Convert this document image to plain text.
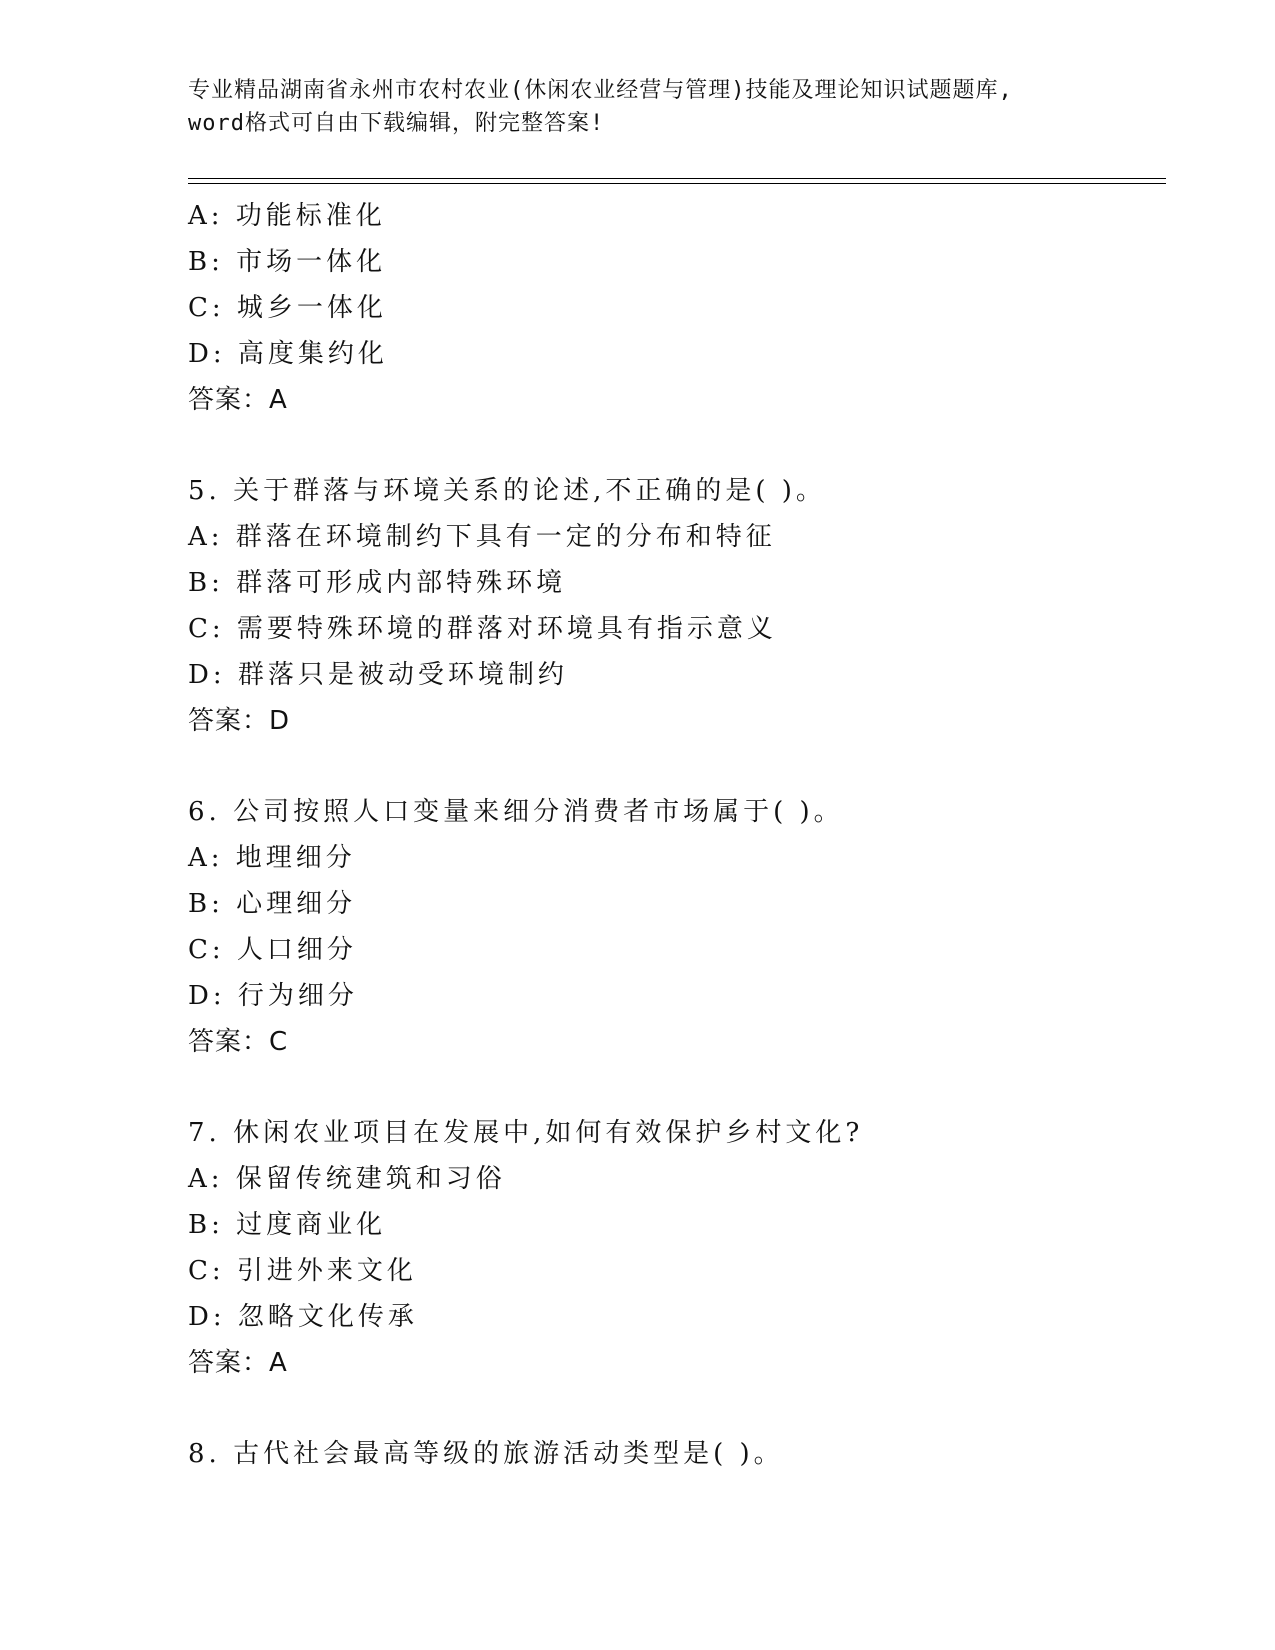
专业精品湖南省永州市农村农业(休闲农业经营与管理)技能及理论知识试题题库,
word格式可自由下载编辑，附完整答案!
A: 功能标准化
B: 市场一体化
C: 城乡一体化
D: 高度集约化
答案：A
5. 关于群落与环境关系的论述,不正确的是( )。
A: 群落在环境制约下具有一定的分布和特征
B: 群落可形成内部特殊环境
C: 需要特殊环境的群落对环境具有指示意义
D: 群落只是被动受环境制约
答案：D
6. 公司按照人口变量来细分消费者市场属于( )。
A: 地理细分
B: 心理细分
C: 人口细分
D: 行为细分
答案：C
7. 休闲农业项目在发展中,如何有效保护乡村文化?
A: 保留传统建筑和习俗
B: 过度商业化
C: 引进外来文化
D: 忽略文化传承
答案：A
8. 古代社会最高等级的旅游活动类型是( )。
